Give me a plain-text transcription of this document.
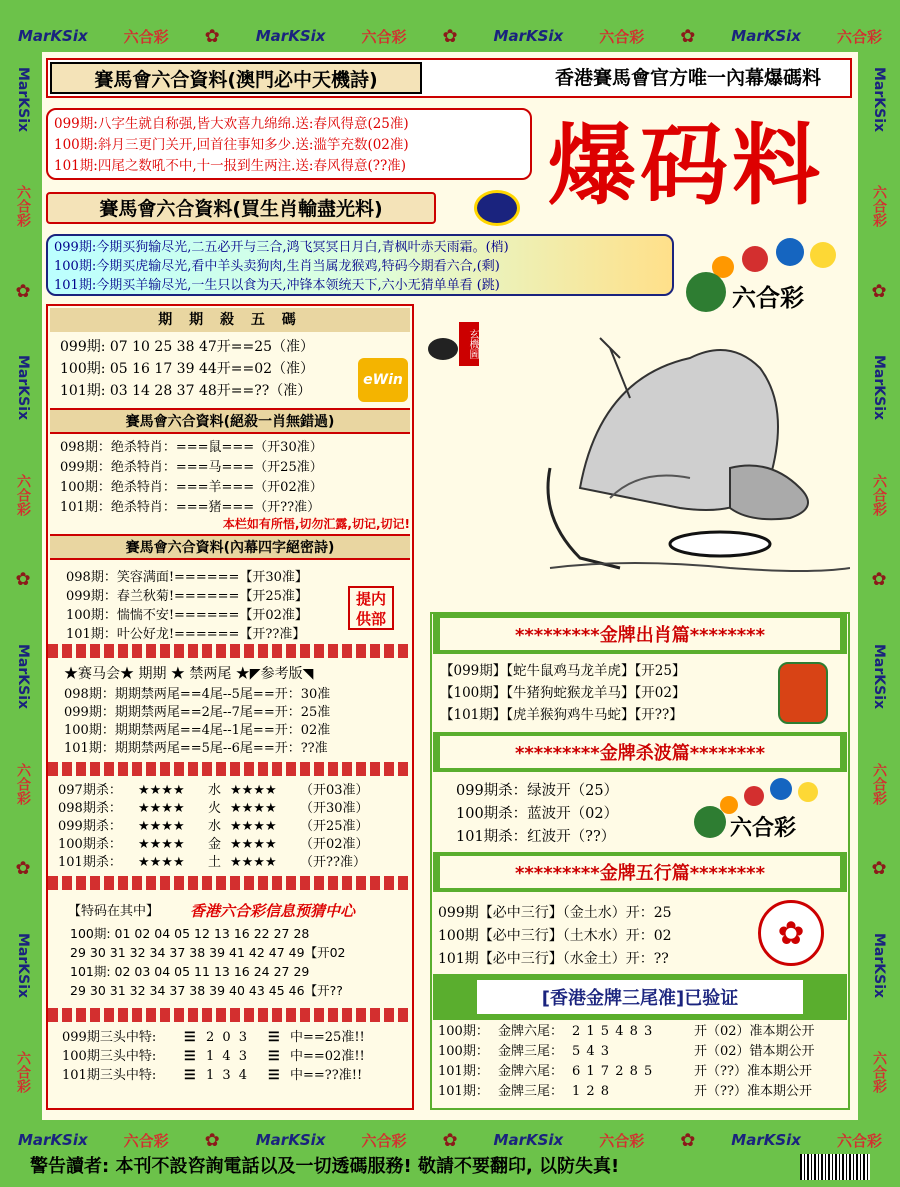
MarKSix 六合彩 ✿ MarKSix 六合彩 ✿ MarKSix 六合彩 ✿ MarKSix 六合彩
MarKSix 六合彩 ✿ MarKSix 六合彩 ✿ MarKSix 六合彩 ✿ MarKSix 六合彩
MarKSix
六合彩
✿
MarKSix
六合彩
✿
MarKSix
六合彩
✿
MarKSix
六合彩
MarKSix
六合彩
✿
MarKSix
六合彩
✿
MarKSix
六合彩
✿
MarKSix
六合彩
賽馬會六合資料(澳門必中天機詩)	香港賽馬會官方唯一內幕爆碼料
099期:八字生就自称强,皆大欢喜九绵绵.送:春风得意(25准)
100期:斜月三更门关开,回首往事知多少.送:滥竽充数(02准)
101期:四尾之数吼不中,十一报到生两注.送:春风得意(??准)	爆码料
賽馬會六合資料(買生肖輸盡光料)
099期:今期买狗输尽光,二五必开与三合,鸿飞冥冥日月白,青枫叶赤天雨霜。(梢)
100期:今期买虎输尽光,看中羊头卖狗肉,生肖当属龙猴鸡,特码今期看六合,(剩)
101期:今期买羊输尽光,一生只以食为天,冲锋本领统天下,六小无猜单单看 (跳)	六合彩
期 期 殺 五 碼
099期: 07 10 25 38 47开==25（准）
100期: 05 16 17 39 44开==02（准）
101期: 03 14 28 37 48开==??（准）
eWin
賽馬會六合資料(絕殺一肖無錯過)
098期：绝杀特肖：===鼠===（开30准）
099期：绝杀特肖：===马===（开25准）
100期：绝杀特肖：===羊===（开02准）
101期：绝杀特肖：===猪===（开??准）
本栏如有所悟,切勿汇露,切记,切记!
賽馬會六合資料(內幕四字絕密詩)
098期：笑容满面!======【开30准】
099期：春兰秋菊!======【开25准】
100期：惴惴不安!======【开02准】
101期：叶公好龙!======【开??准】
提内供部
★赛马会★ 期期 ★ 禁两尾 ★◤参考版◥
098期：期期禁两尾==4尾--5尾==开：30准
099期：期期禁两尾==2尾--7尾==开：25准
100期：期期禁两尾==4尾--1尾==开：02准
101期：期期禁两尾==5尾--6尾==开：??准
097期杀：	★★★★	水 ★★★★	（开03准）
098期杀：	★★★★	火 ★★★★	（开30准）
099期杀：	★★★★	水 ★★★★	（开25准）
100期杀：	★★★★	金 ★★★★	（开02准）
101期杀：	★★★★	土 ★★★★	（开??准）
【特码在其中】 香港六合彩信息预猜中心
100期: 01 02 04 05 12 13 16 22 27 28
29 30 31 32 34 37 38 39 41 42 47 49【开02
101期: 02 03 04 05 11 13 16 24 27 29
29 30 31 32 34 37 38 39 40 43 45 46【开??
099期三头中特:	☰ 2 0 3	☰ 中==25准!!
100期三头中特:	☰ 1 4 3	☰ 中==02准!!
101期三头中特:	☰ 1 3 4	☰ 中==??准!!
玄機圖
*********金牌出肖篇********
【099期】【蛇牛鼠鸡马龙羊虎】【开25】
【100期】【牛猪狗蛇猴龙羊马】【开02】
【101期】【虎羊猴狗鸡牛马蛇】【开??】
*********金牌杀波篇********
099期杀：绿波开（25）
100期杀：蓝波开（02）
101期杀：红波开（??）	六合彩
*********金牌五行篇********
099期【必中三行】（金土水）开：25
100期【必中三行】（土木水）开：02
101期【必中三行】（水金土）开：??
✿
[香港金牌三尾准]已验证
100期： 金牌六尾： 2 1 5 4 8 3	开（02）准本期公开
100期： 金牌三尾： 5 4 3	开（02）错本期公开
101期： 金牌六尾： 6 1 7 2 8 5	开（??）准本期公开
101期： 金牌三尾： 1 2 8	开（??）准本期公开
警告讀者: 本刊不設咨詢電話以及一切透碼服務! 敬請不要翻印, 以防失真!
